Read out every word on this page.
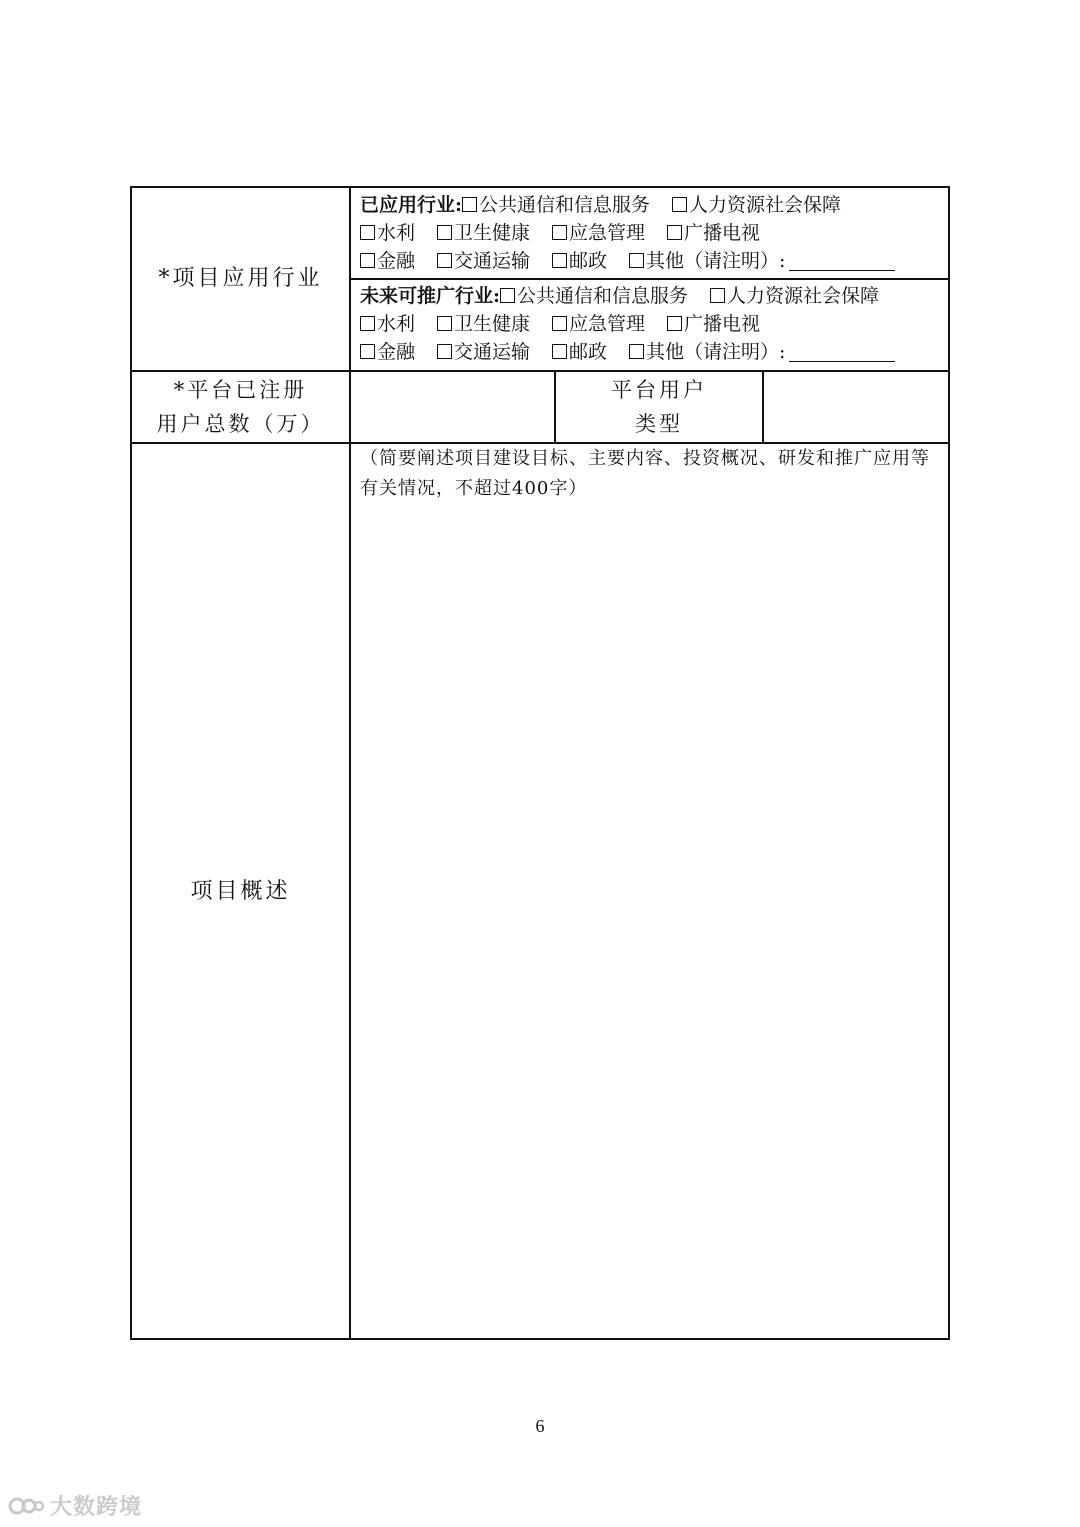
*项目应用行业
已应用行业: 公共通信和信息服务 人力资源社会保障
水利 卫生健康 应急管理 广播电视
金融 交通运输 邮政 其他（请注明）:
未来可推广行业: 公共通信和信息服务 人力资源社会保障
水利 卫生健康 应急管理 广播电视
金融 交通运输 邮政 其他（请注明）:
*平台已注册
用户总数（万）
平台用户
类型
项目概述
（简要阐述项目建设目标、主要内容、投资概况、研发和推广应用等有关情况，不超过400字）
6
大数跨境
